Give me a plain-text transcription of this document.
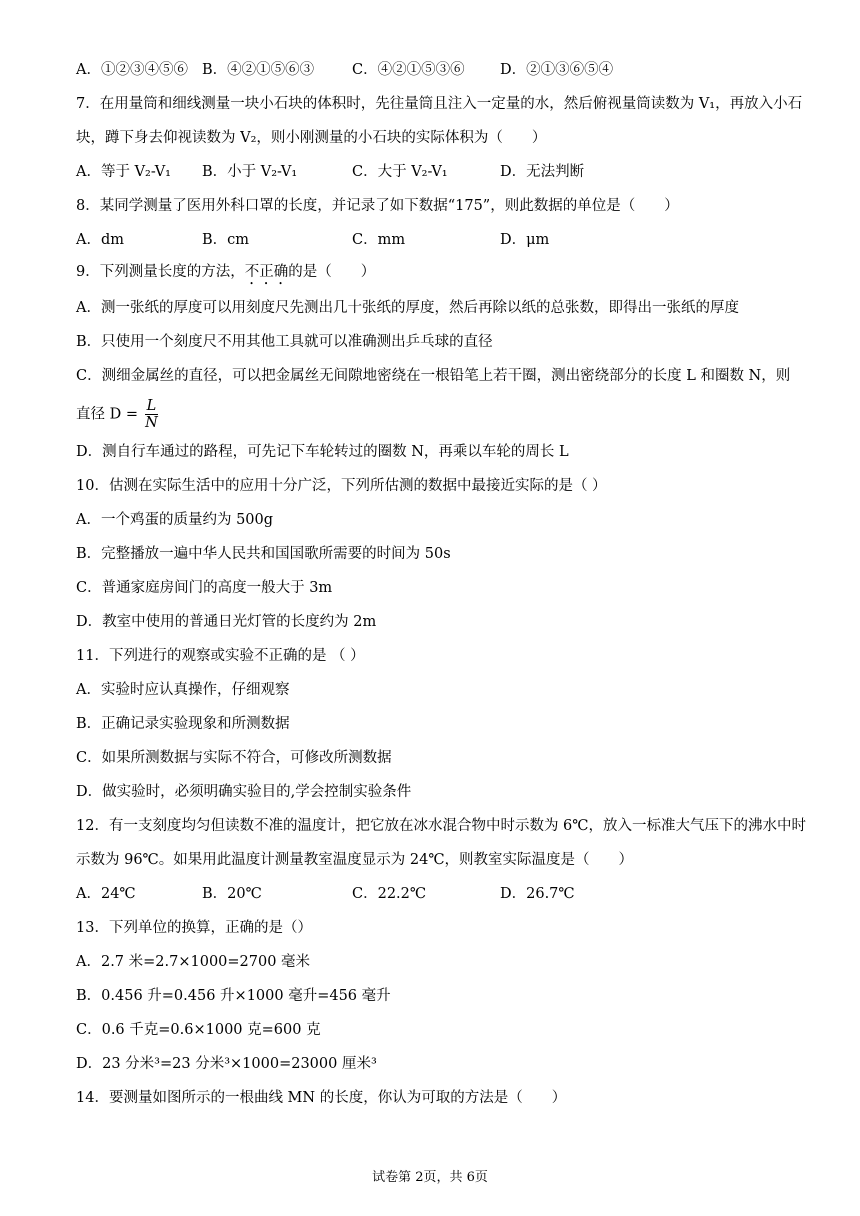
A．①②③④⑤⑥ B．④②①⑤⑥③	C．④②①⑤③⑥ D．②①③⑥⑤④
7．在用量筒和细线测量一块小石块的体积时，先往量筒且注入一定量的水，然后俯视量筒读数为 V₁，再放入小石
块，蹲下身去仰视读数为 V₂，则小刚测量的小石块的实际体积为（　　）
A．等于 V₂-V₁ B．小于 V₂-V₁	C．大于 V₂-V₁	D．无法判断
8．某同学测量了医用外科口罩的长度，并记录了如下数据“175”，则此数据的单位是（　　）
A．dm	B．cm	C．mm	D．μm
9．下列测量长度的方法，不正确的是（　　）
A．测一张纸的厚度可以用刻度尺先测出几十张纸的厚度，然后再除以纸的总张数，即得出一张纸的厚度
B．只使用一个刻度尺不用其他工具就可以准确测出乒乓球的直径
C．测细金属丝的直径，可以把金属丝无间隙地密绕在一根铅笔上若干圈，测出密绕部分的长度 L 和圈数 N，则
直径 $D = \frac{L}{N}$
D．测自行车通过的路程，可先记下车轮转过的圈数 N，再乘以车轮的周长 L
10．估测在实际生活中的应用十分广泛，下列所估测的数据中最接近实际的是（ ）
A．一个鸡蛋的质量约为 500g
B．完整播放一遍中华人民共和国国歌所需要的时间为 50s
C．普通家庭房间门的高度一般大于 3m
D．教室中使用的普通日光灯管的长度约为 2m
11．下列进行的观察或实验不正确的是 （ ）
A．实验时应认真操作，仔细观察
B．正确记录实验现象和所测数据
C．如果所测数据与实际不符合，可修改所测数据
D．做实验时，必须明确实验目的,学会控制实验条件
12．有一支刻度均匀但读数不准的温度计，把它放在冰水混合物中时示数为 6℃，放入一标准大气压下的沸水中时
示数为 96℃。如果用此温度计测量教室温度显示为 24℃，则教室实际温度是（　　）
A．24℃	B．20℃	C．22.2℃	D．26.7℃
13．下列单位的换算，正确的是（）
A．2.7 米=2.7×1000=2700 毫米
B．0.456 升=0.456 升×1000 毫升=456 毫升
C．0.6 千克=0.6×1000 克=600 克
D．23 分米³=23 分米³×1000=23000 厘米³
14．要测量如图所示的一根曲线 MN 的长度，你认为可取的方法是（　　）
试卷第 2页，共 6页
